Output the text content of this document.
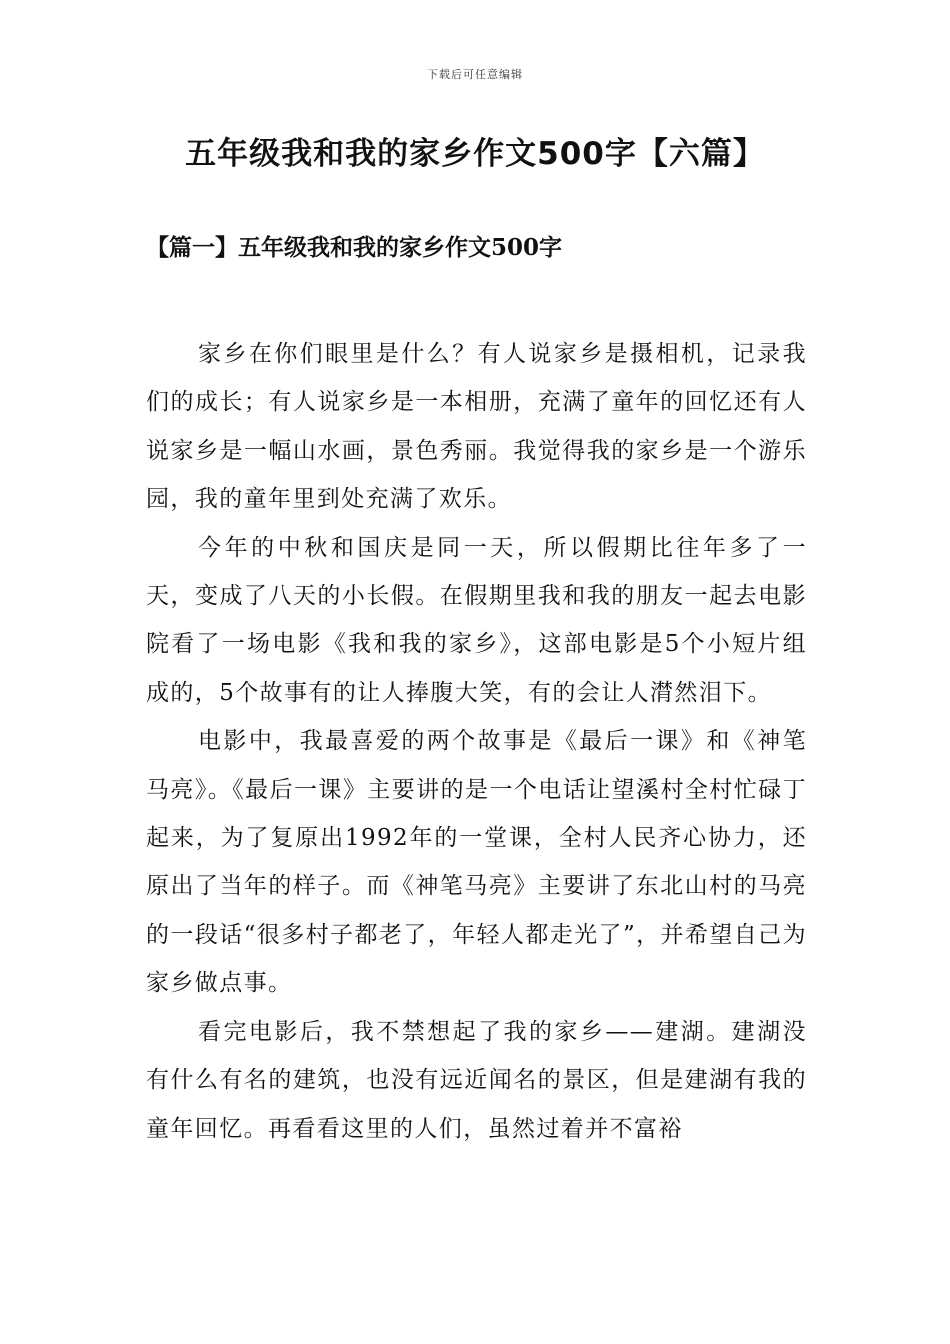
下载后可任意编辑
五年级我和我的家乡作文500字【六篇】
【篇一】五年级我和我的家乡作文500字

家乡在你们眼里是什么？有人说家乡是摄相机，记录我们的成长；有人说家乡是一本相册，充满了童年的回忆还有人说家乡是一幅山水画，景色秀丽。我觉得我的家乡是一个游乐园，我的童年里到处充满了欢乐。

今年的中秋和国庆是同一天，所以假期比往年多了一天，变成了八天的小长假。在假期里我和我的朋友一起去电影 院看了一场电影《我和我的家乡》，这部电影是5个小短片组成的，5个故事有的让人捧腹大笑，有的会让人潸然泪下。

电影中，我最喜爱的两个故事是《最后一课》和《神笔马亮》。《最后一课》主要讲的是一个电话让望溪村全村忙碌丁起来，为了复原出1992年的一堂课，全村人民齐心协力，还原出了当年的样子。而《神笔马亮》主要讲了东北山村的马亮的一段话“很多村子都老了，年轻人都走光了”，并希望自己为家乡做点事。

看完电影后，我不禁想起了我的家乡——建湖。建湖没有什么有名的建筑，也没有远近闻名的景区，但是建湖有我的童年回忆。再看看这里的人们，虽然过着并不富裕
